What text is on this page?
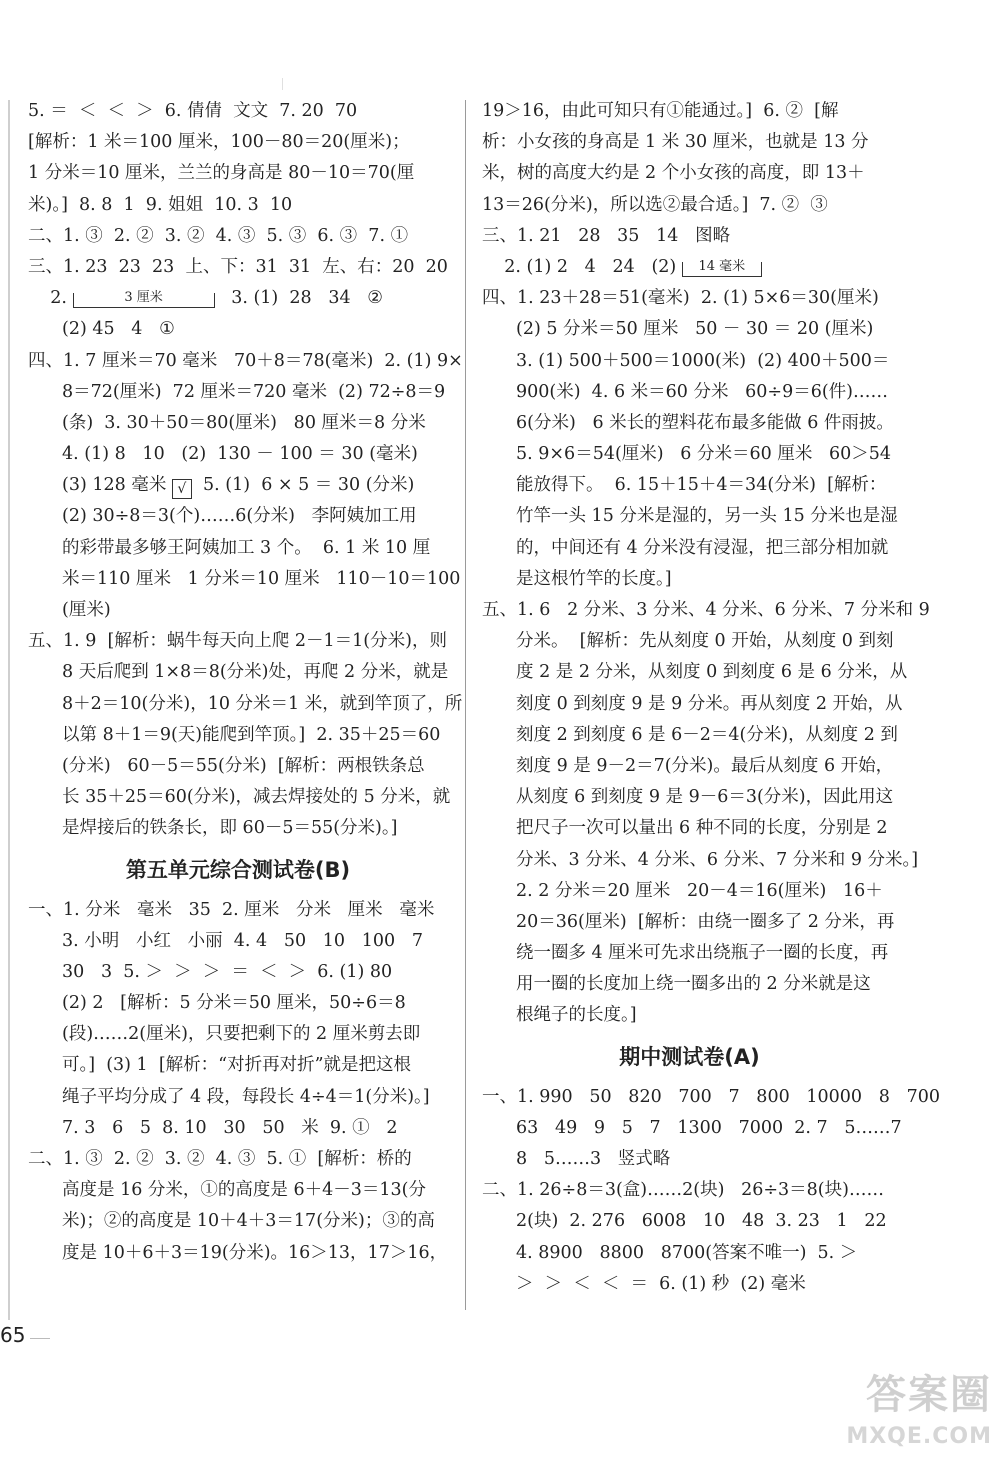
5. ＝  ＜  ＜  ＞  6. 倩倩  文文  7. 20  70
[解析：1 米＝100 厘米，100－80＝20(厘米)；
1 分米＝10 厘米，兰兰的身高是 80－10＝70(厘
米)。]  8. 8  1  9. 姐姐  10. 3  10
二、1. ③  2. ②  3. ②  4. ③  5. ③  6. ③  7. ①
三、1. 23  23  23  上、下：31  31  左、右：20  20
2.	3 厘米	3. (1)  28   34   ②
(2) 45   4   ①
四、1. 7 厘米＝70 毫米   70＋8＝78(毫米)  2. (1) 9×
8＝72(厘米)  72 厘米＝720 毫米  (2) 72÷8＝9
(条)  3. 30＋50＝80(厘米)   80 厘米＝8 分米
4. (1) 8   10   (2)  130 － 100 ＝ 30 (毫米)
(3) 128 毫米 √  5. (1)  6 × 5 ＝ 30 (分米)
(2) 30÷8＝3(个)……6(分米)   李阿姨加工用
的彩带最多够王阿姨加工 3 个。  6. 1 米 10 厘
米＝110 厘米   1 分米＝10 厘米   110－10＝100
(厘米)
五、1. 9  [解析：蜗牛每天向上爬 2－1＝1(分米)，则
8 天后爬到 1×8＝8(分米)处，再爬 2 分米，就是
8＋2＝10(分米)，10 分米＝1 米，就到竿顶了，所
以第 8＋1＝9(天)能爬到竿顶。]  2. 35＋25＝60
(分米)   60－5＝55(分米)  [解析：两根铁条总
长 35＋25＝60(分米)，减去焊接处的 5 分米，就
是焊接后的铁条长，即 60－5＝55(分米)。]
第五单元综合测试卷(B)
一、1. 分米   毫米   35  2. 厘米   分米   厘米   毫米
3. 小明   小红   小丽  4. 4   50   10   100   7
30   3  5. ＞  ＞  ＞  ＝  ＜  ＞  6. (1) 80
(2) 2   [解析：5 分米＝50 厘米，50÷6＝8
(段)……2(厘米)，只要把剩下的 2 厘米剪去即
可。]  (3) 1  [解析：“对折再对折”就是把这根
绳子平均分成了 4 段，每段长 4÷4＝1(分米)。]
7. 3   6   5  8. 10   30   50   米  9. ①   2
二、1. ③  2. ②  3. ②  4. ③  5. ①  [解析：桥的
高度是 16 分米，①的高度是 6＋4－3＝13(分
米)；②的高度是 10＋4＋3＝17(分米)；③的高
度是 10＋6＋3＝19(分米)。16＞13，17＞16，
19＞16，由此可知只有①能通过。]  6. ②  [解
析：小女孩的身高是 1 米 30 厘米，也就是 13 分
米，树的高度大约是 2 个小女孩的高度，即 13＋
13＝26(分米)，所以选②最合适。]  7. ②  ③
三、1. 21   28   35   14   图略
2. (1) 2   4   24   (2) 14 毫米
四、1. 23＋28＝51(毫米)  2. (1) 5×6＝30(厘米)
(2) 5 分米＝50 厘米   50 － 30 ＝ 20 (厘米)
3. (1) 500＋500＝1000(米)  (2) 400＋500＝
900(米)  4. 6 米＝60 分米   60÷9＝6(件)……
6(分米)   6 米长的塑料花布最多能做 6 件雨披。
5. 9×6＝54(厘米)   6 分米＝60 厘米   60＞54
能放得下。  6. 15＋15＋4＝34(分米)  [解析：
竹竿一头 15 分米是湿的，另一头 15 分米也是湿
的，中间还有 4 分米没有浸湿，把三部分相加就
是这根竹竿的长度。]
五、1. 6   2 分米、3 分米、4 分米、6 分米、7 分米和 9
分米。  [解析：先从刻度 0 开始，从刻度 0 到刻
度 2 是 2 分米，从刻度 0 到刻度 6 是 6 分米，从
刻度 0 到刻度 9 是 9 分米。再从刻度 2 开始，从
刻度 2 到刻度 6 是 6－2＝4(分米)，从刻度 2 到
刻度 9 是 9－2＝7(分米)。最后从刻度 6 开始，
从刻度 6 到刻度 9 是 9－6＝3(分米)，因此用这
把尺子一次可以量出 6 种不同的长度，分别是 2
分米、3 分米、4 分米、6 分米、7 分米和 9 分米。]
2. 2 分米＝20 厘米   20－4＝16(厘米)   16＋
20＝36(厘米)  [解析：由绕一圈多了 2 分米，再
绕一圈多 4 厘米可先求出绕瓶子一圈的长度，再
用一圈的长度加上绕一圈多出的 2 分米就是这
根绳子的长度。]
期中测试卷(A)
一、1. 990   50   820   700   7   800   10000   8   700
63   49   9   5   7   1300   7000  2. 7   5……7
8   5……3   竖式略
二、1. 26÷8＝3(盒)……2(块)   26÷3＝8(块)……
2(块)  2. 276   6008   10   48  3. 23   1   22
4. 8900   8800   8700(答案不唯一)  5. ＞
＞  ＞  ＜  ＜  ＝  6. (1) 秒  (2) 毫米
65
答案圈
MXQE.COM
